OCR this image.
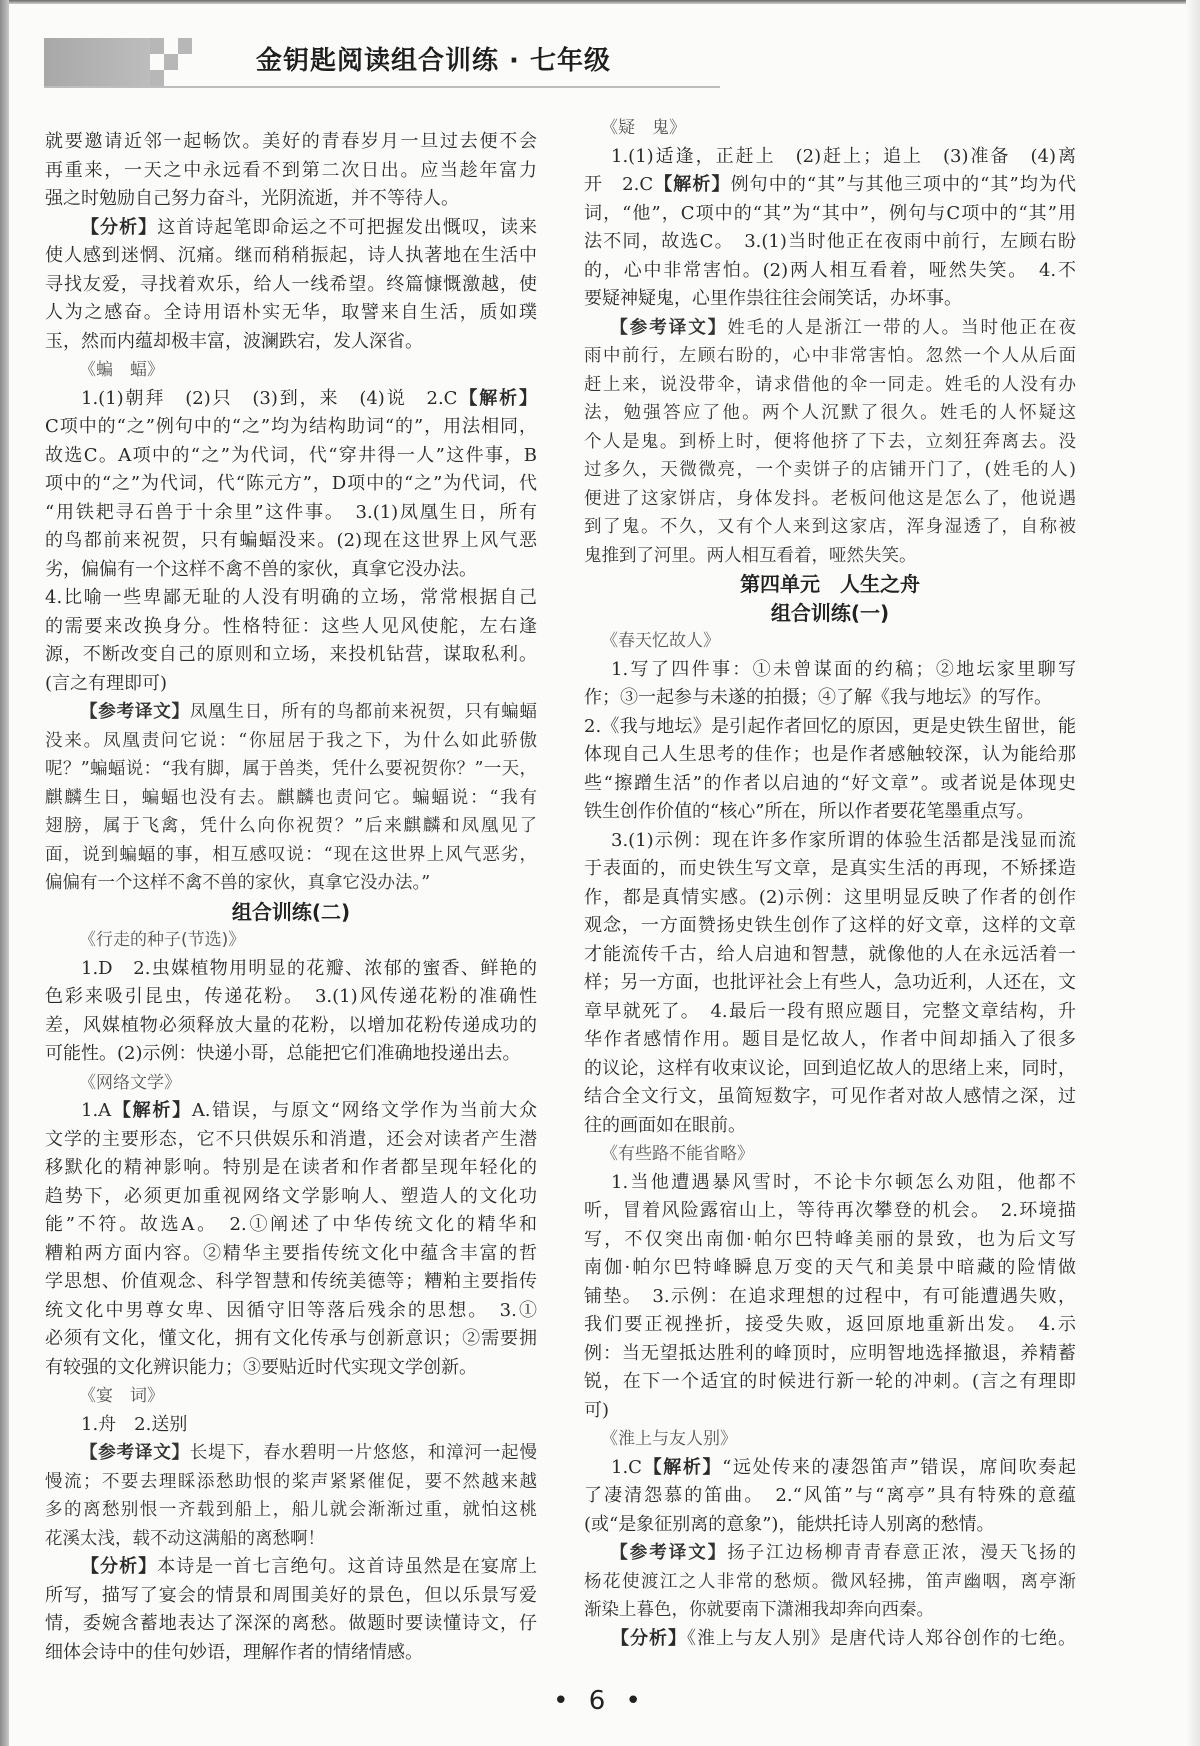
金钥匙阅读组合训练 · 七年级
就要邀请近邻一起畅饮。美好的青春岁月一旦过去便不会
再重来，一天之中永远看不到第二次日出。应当趁年富力
强之时勉励自己努力奋斗，光阴流逝，并不等待人。
【分析】这首诗起笔即命运之不可把握发出慨叹，读来
使人感到迷惘、沉痛。继而稍稍振起，诗人执著地在生活中
寻找友爱，寻找着欢乐，给人一线希望。终篇慷慨激越，使
人为之感奋。全诗用语朴实无华，取譬来自生活，质如璞
玉，然而内蕴却极丰富，波澜跌宕，发人深省。
《蝙　蝠》
1.(1)朝拜　(2)只　(3)到，来　(4)说　2.C【解析】
C项中的“之”例句中的“之”均为结构助词“的”，用法相同，
故选C。A项中的“之”为代词，代“穿井得一人”这件事，B
项中的“之”为代词，代“陈元方”，D项中的“之”为代词，代
“用铁耙寻石兽于十余里”这件事。　3.(1)凤凰生日，所有
的鸟都前来祝贺，只有蝙蝠没来。(2)现在这世界上风气恶
劣，偏偏有一个这样不禽不兽的家伙，真拿它没办法。
4.比喻一些卑鄙无耻的人没有明确的立场，常常根据自己
的需要来改换身分。性格特征：这些人见风使舵，左右逢
源，不断改变自己的原则和立场，来投机钻营，谋取私利。
(言之有理即可)
【参考译文】凤凰生日，所有的鸟都前来祝贺，只有蝙蝠
没来。凤凰责问它说：“你屈居于我之下，为什么如此骄傲
呢？”蝙蝠说：“我有脚，属于兽类，凭什么要祝贺你？”一天，
麒麟生日，蝙蝠也没有去。麒麟也责问它。蝙蝠说：“我有
翅膀，属于飞禽，凭什么向你祝贺？”后来麒麟和凤凰见了
面，说到蝙蝠的事，相互感叹说：“现在这世界上风气恶劣，
偏偏有一个这样不禽不兽的家伙，真拿它没办法。”
组合训练(二)
《行走的种子(节选)》
1.D　2.虫媒植物用明显的花瓣、浓郁的蜜香、鲜艳的
色彩来吸引昆虫，传递花粉。　3.(1)风传递花粉的准确性
差，风媒植物必须释放大量的花粉，以增加花粉传递成功的
可能性。(2)示例：快递小哥，总能把它们准确地投递出去。
《网络文学》
1.A【解析】A.错误，与原文“网络文学作为当前大众
文学的主要形态，它不只供娱乐和消遣，还会对读者产生潜
移默化的精神影响。特别是在读者和作者都呈现年轻化的
趋势下，必须更加重视网络文学影响人、塑造人的文化功
能”不符。故选A。　2.①阐述了中华传统文化的精华和
糟粕两方面内容。②精华主要指传统文化中蕴含丰富的哲
学思想、价值观念、科学智慧和传统美德等；糟粕主要指传
统文化中男尊女卑、因循守旧等落后残余的思想。　3.①
必须有文化，懂文化，拥有文化传承与创新意识；②需要拥
有较强的文化辨识能力；③要贴近时代实现文学创新。
《宴　词》
1.舟　2.送别
【参考译文】长堤下，春水碧明一片悠悠，和漳河一起慢
慢流；不要去理睬添愁助恨的桨声紧紧催促，要不然越来越
多的离愁别恨一齐载到船上，船儿就会渐渐过重，就怕这桃
花溪太浅，载不动这满船的离愁啊！
【分析】本诗是一首七言绝句。这首诗虽然是在宴席上
所写，描写了宴会的情景和周围美好的景色，但以乐景写爱
情，委婉含蓄地表达了深深的离愁。做题时要读懂诗文，仔
细体会诗中的佳句妙语，理解作者的情绪情感。
《疑　鬼》
1.(1)适逢，正赶上　(2)赶上；追上　(3)准备　(4)离
开　2.C【解析】例句中的“其”与其他三项中的“其”均为代
词，“他”，C项中的“其”为“其中”，例句与C项中的“其”用
法不同，故选C。　3.(1)当时他正在夜雨中前行，左顾右盼
的，心中非常害怕。(2)两人相互看着，哑然失笑。　4.不
要疑神疑鬼，心里作祟往往会闹笑话，办坏事。
【参考译文】姓毛的人是浙江一带的人。当时他正在夜
雨中前行，左顾右盼的，心中非常害怕。忽然一个人从后面
赶上来，说没带伞，请求借他的伞一同走。姓毛的人没有办
法，勉强答应了他。两个人沉默了很久。姓毛的人怀疑这
个人是鬼。到桥上时，便将他挤了下去，立刻狂奔离去。没
过多久，天微微亮，一个卖饼子的店铺开门了，(姓毛的人)
便进了这家饼店，身体发抖。老板问他这是怎么了，他说遇
到了鬼。不久，又有个人来到这家店，浑身湿透了，自称被
鬼推到了河里。两人相互看着，哑然失笑。
第四单元　人生之舟
组合训练(一)
《春天忆故人》
1.写了四件事：①未曾谋面的约稿；②地坛家里聊写
作；③一起参与未遂的拍摄；④了解《我与地坛》的写作。
2.《我与地坛》是引起作者回忆的原因，更是史铁生留世，能
体现自己人生思考的佳作；也是作者感触较深，认为能给那
些“擦蹭生活”的作者以启迪的“好文章”。或者说是体现史
铁生创作价值的“核心”所在，所以作者要花笔墨重点写。
3.(1)示例：现在许多作家所谓的体验生活都是浅显而流
于表面的，而史铁生写文章，是真实生活的再现，不矫揉造
作，都是真情实感。(2)示例：这里明显反映了作者的创作
观念，一方面赞扬史铁生创作了这样的好文章，这样的文章
才能流传千古，给人启迪和智慧，就像他的人在永远活着一
样；另一方面，也批评社会上有些人，急功近利，人还在，文
章早就死了。　4.最后一段有照应题目，完整文章结构，升
华作者感情作用。题目是忆故人，作者中间却插入了很多
的议论，这样有收束议论，回到追忆故人的思绪上来，同时，
结合全文行文，虽简短数字，可见作者对故人感情之深，过
往的画面如在眼前。
《有些路不能省略》
1.当他遭遇暴风雪时，不论卡尔顿怎么劝阻，他都不
听，冒着风险露宿山上，等待再次攀登的机会。　2.环境描
写，不仅突出南伽·帕尔巴特峰美丽的景致，也为后文写
南伽·帕尔巴特峰瞬息万变的天气和美景中暗藏的险情做
铺垫。　3.示例：在追求理想的过程中，有可能遭遇失败，
我们要正视挫折，接受失败，返回原地重新出发。　4.示
例：当无望抵达胜利的峰顶时，应明智地选择撤退，养精蓄
锐，在下一个适宜的时候进行新一轮的冲刺。(言之有理即
可)
《淮上与友人别》
1.C【解析】“远处传来的凄怨笛声”错误，席间吹奏起
了凄清怨慕的笛曲。　2.“风笛”与“离亭”具有特殊的意蕴
(或“是象征别离的意象”)，能烘托诗人别离的愁情。
【参考译文】扬子江边杨柳青青春意正浓，漫天飞扬的
杨花使渡江之人非常的愁烦。微风轻拂，笛声幽咽，离亭渐
渐染上暮色，你就要南下潇湘我却奔向西秦。
【分析】《淮上与友人别》是唐代诗人郑谷创作的七绝。
• 6 •
